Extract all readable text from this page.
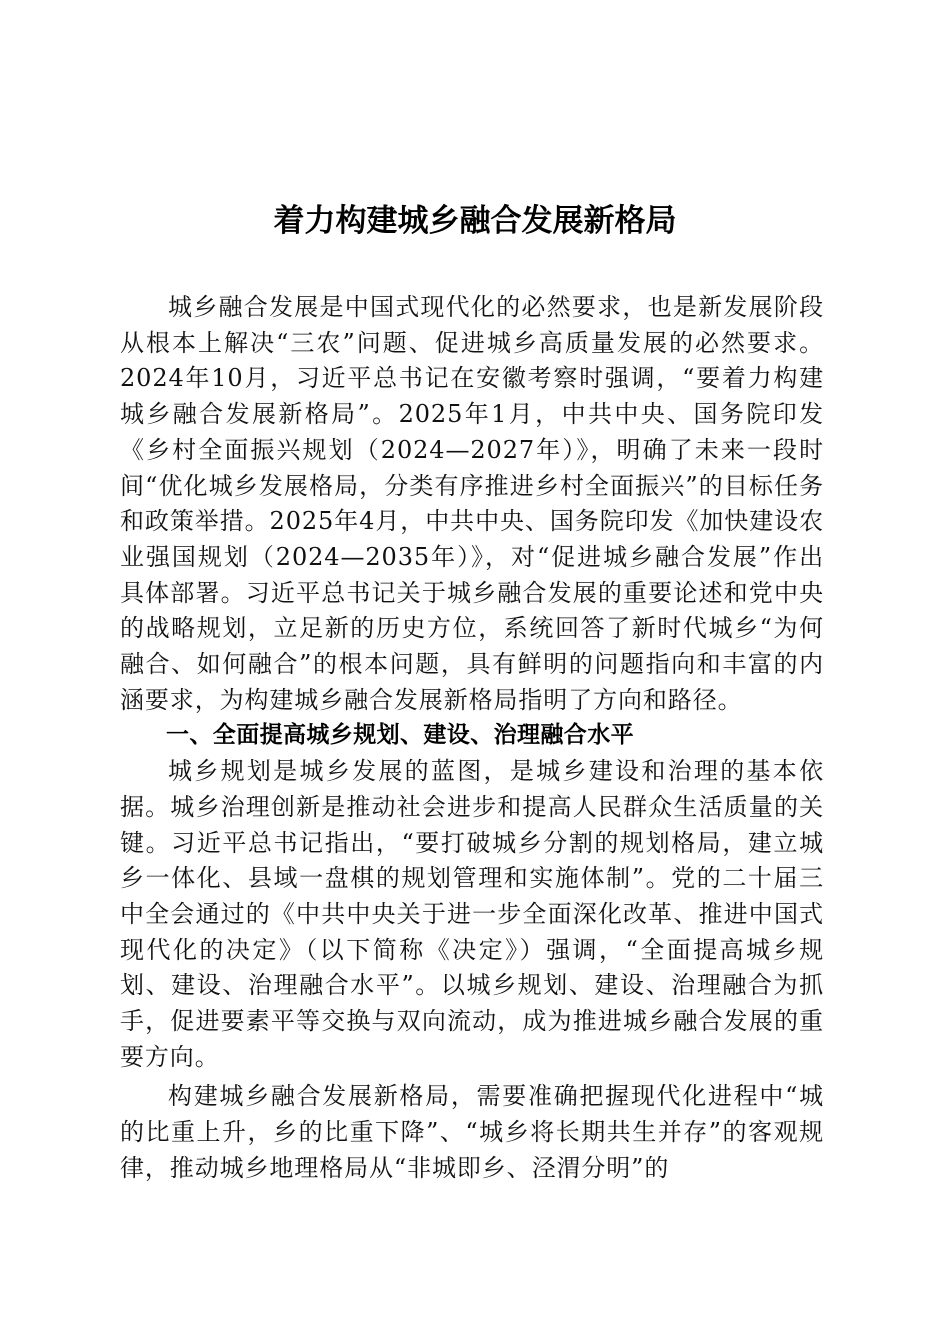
着力构建城乡融合发展新格局

城乡融合发展是中国式现代化的必然要求，也是新发展阶段从根本上解决“三农”问题、促进城乡高质量发展的必然要求。2024年10月，习近平总书记在安徽考察时强调，“要着力构建城乡融合发展新格局”。2025年1月，中共中央、国务院印发《乡村全面振兴规划（2024—2027年）》，明确了未来一段时间“优化城乡发展格局，分类有序推进乡村全面振兴”的目标任务和政策举措。2025年4月，中共中央、国务院印发《加快建设农业强国规划（2024—2035年）》，对“促进城乡融合发展”作出具体部署。习近平总书记关于城乡融合发展的重要论述和党中央的战略规划，立足新的历史方位，系统回答了新时代城乡“为何融合、如何融合”的根本问题，具有鲜明的问题指向和丰富的内涵要求，为构建城乡融合发展新格局指明了方向和路径。

一、全面提高城乡规划、建设、治理融合水平

城乡规划是城乡发展的蓝图，是城乡建设和治理的基本依据。城乡治理创新是推动社会进步和提高人民群众生活质量的关键。习近平总书记指出，“要打破城乡分割的规划格局，建立城乡一体化、县域一盘棋的规划管理和实施体制”。党的二十届三中全会通过的《中共中央关于进一步全面深化改革、推进中国式现代化的决定》（以下简称《决定》）强调，“全面提高城乡规划、建设、治理融合水平”。以城乡规划、建设、治理融合为抓手，促进要素平等交换与双向流动，成为推进城乡融合发展的重要方向。

构建城乡融合发展新格局，需要准确把握现代化进程中“城的比重上升，乡的比重下降”、“城乡将长期共生并存”的客观规律，推动城乡地理格局从“非城即乡、泾渭分明”的
